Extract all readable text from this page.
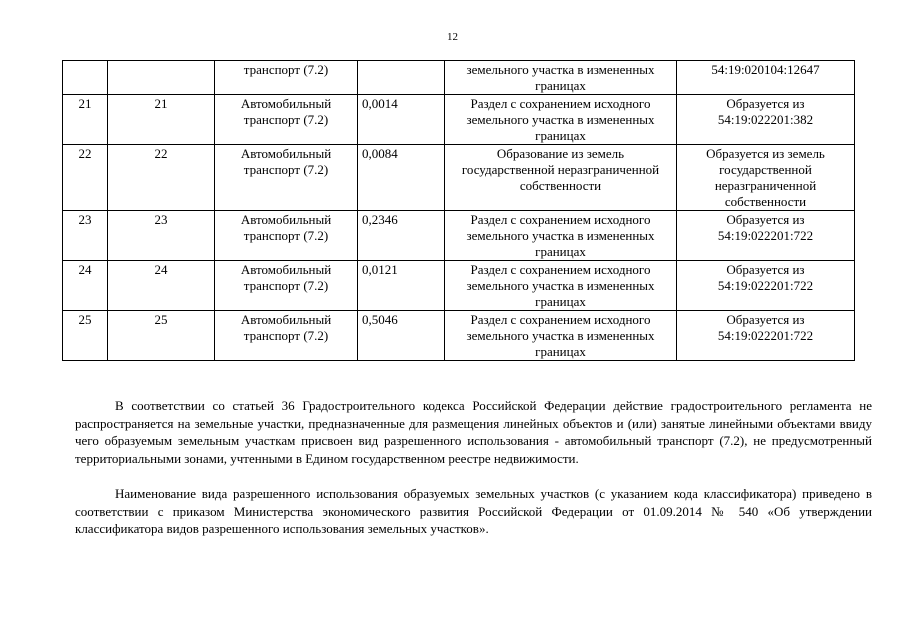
12
		транспорт (7.2)		земельного участка в измененных границах	54:19:020104:12647
21	21	Автомобильный транспорт (7.2)	0,0014	Раздел с сохранением исходного земельного участка в измененных границах	Образуется из 54:19:022201:382
22	22	Автомобильный транспорт (7.2)	0,0084	Образование из земель государственной неразграниченной собственности	Образуется из земель государственной неразграниченной собственности
23	23	Автомобильный транспорт (7.2)	0,2346	Раздел с сохранением исходного земельного участка в измененных границах	Образуется из 54:19:022201:722
24	24	Автомобильный транспорт (7.2)	0,0121	Раздел с сохранением исходного земельного участка в измененных границах	Образуется из 54:19:022201:722
25	25	Автомобильный транспорт (7.2)	0,5046	Раздел с сохранением исходного земельного участка в измененных границах	Образуется из 54:19:022201:722
В соответствии со статьей 36 Градостроительного кодекса Российской Федерации действие градостроительного регламента не распространяется на земельные участки, предназначенные для размещения линейных объектов и (или) занятые линейными объектами ввиду чего образуемым земельным участкам присвоен вид разрешенного использования - автомобильный транспорт (7.2), не предусмотренный территориальными зонами, учтенными в Едином государственном реестре недвижимости.
Наименование вида разрешенного использования образуемых земельных участков (с указанием кода классификатора) приведено в соответствии с приказом Министерства экономического развития Российской Федерации от 01.09.2014 № 540 «Об утверждении классификатора видов разрешенного использования земельных участков».
